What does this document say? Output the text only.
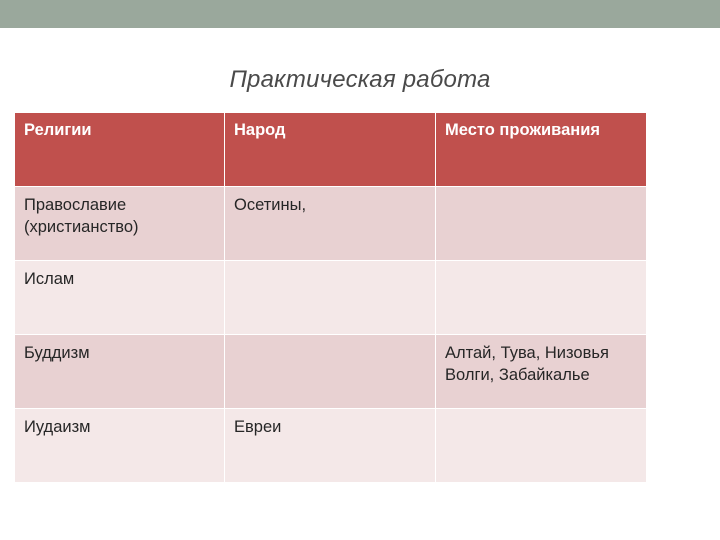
Практическая работа
Религии	Народ	Место проживания
Православие (христианство)	Осетины,	
Ислам		
Буддизм		Алтай, Тува, Низовья Волги, Забайкалье
Иудаизм	Евреи	
